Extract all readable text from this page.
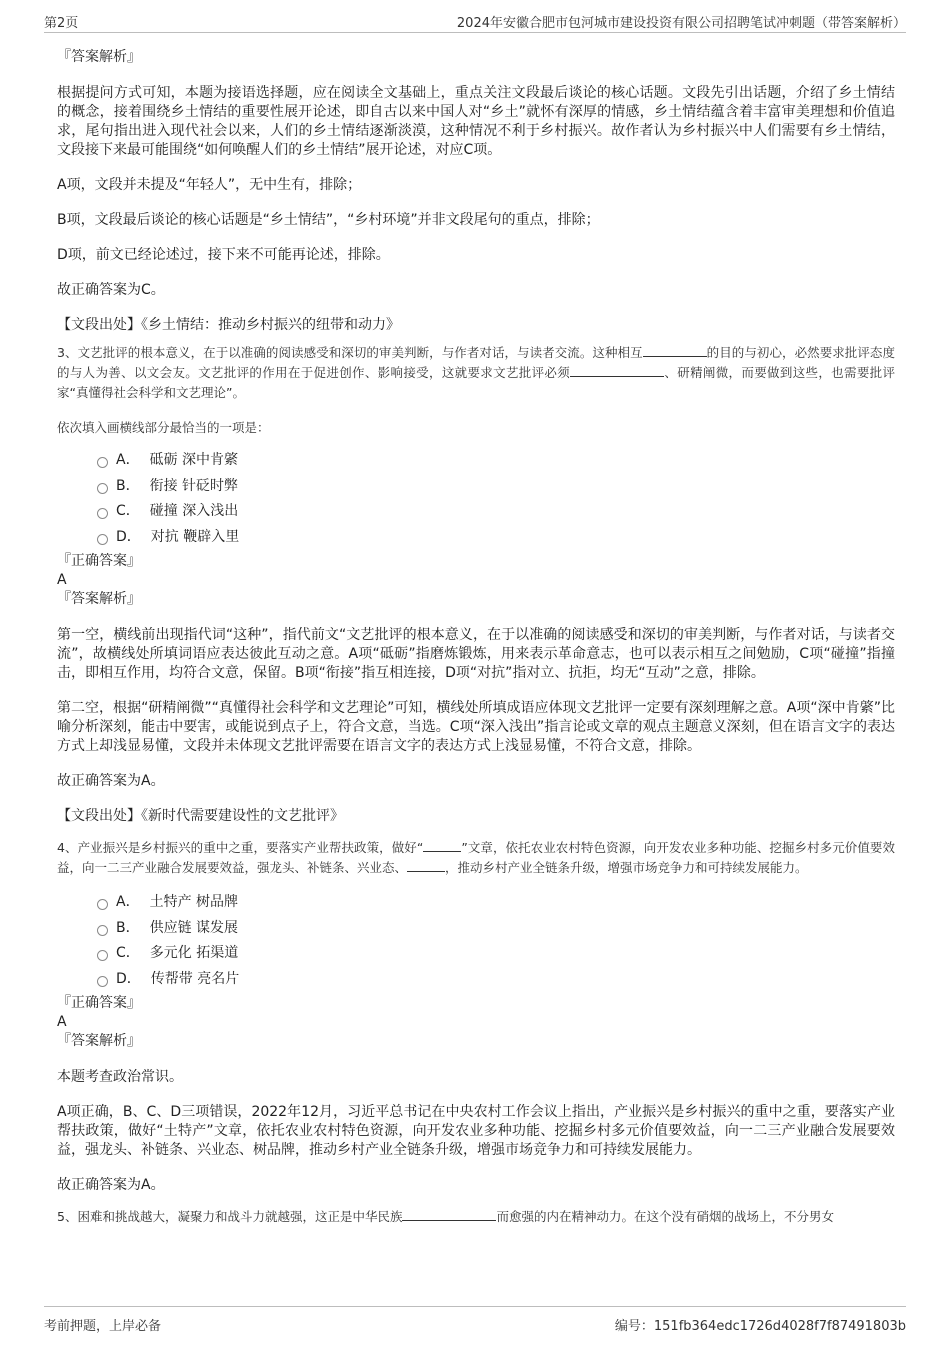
第2页	2024年安徽合肥市包河城市建设投资有限公司招聘笔试冲刺题（带答案解析）
『答案解析』

根据提问方式可知，本题为接语选择题，应在阅读全文基础上，重点关注文段最后谈论的核心话题。文段先引出话题，介绍了乡土情结的概念，接着围绕乡土情结的重要性展开论述，即自古以来中国人对“乡土”就怀有深厚的情感，乡土情结蕴含着丰富审美理想和价值追求，尾句指出进入现代社会以来，人们的乡土情结逐渐淡漠，这种情况不利于乡村振兴。故作者认为乡村振兴中人们需要有乡土情结，文段接下来最可能围绕“如何唤醒人们的乡土情结”展开论述，对应C项。

A项，文段并未提及“年轻人”，无中生有，排除；

B项，文段最后谈论的核心话题是“乡土情结”，“乡村环境”并非文段尾句的重点，排除；

D项，前文已经论述过，接下来不可能再论述，排除。

故正确答案为C。

【文段出处】《乡土情结：推动乡村振兴的纽带和动力》

3、文艺批评的根本意义，在于以准确的阅读感受和深切的审美判断，与作者对话，与读者交流。这种相互	的目的与初心，必然要求批评态度的与人为善、以文会友。文艺批评的作用在于促进创作、影响接受，这就要求文艺批评必须	、研精阐微，而要做到这些，也需要批评家“真懂得社会科学和文艺理论”。

依次填入画横线部分最恰当的一项是：

A． 砥砺 深中肯綮
B． 衔接 针砭时弊
C． 碰撞 深入浅出
D． 对抗 鞭辟入里
『正确答案』
A
『答案解析』

第一空，横线前出现指代词“这种”，指代前文“文艺批评的根本意义，在于以准确的阅读感受和深切的审美判断，与作者对话，与读者交流”，故横线处所填词语应表达彼此互动之意。A项“砥砺”指磨炼锻炼，用来表示革命意志，也可以表示相互之间勉励，C项“碰撞”指撞击，即相互作用，均符合文意，保留。B项“衔接”指互相连接，D项“对抗”指对立、抗拒，均无“互动”之意，排除。

第二空，根据“研精阐微”“真懂得社会科学和文艺理论”可知，横线处所填成语应体现文艺批评一定要有深刻理解之意。A项“深中肯綮”比喻分析深刻，能击中要害，或能说到点子上，符合文意，当选。C项“深入浅出”指言论或文章的观点主题意义深刻，但在语言文字的表达方式上却浅显易懂，文段并未体现文艺批评需要在语言文字的表达方式上浅显易懂，不符合文意，排除。

故正确答案为A。

【文段出处】《新时代需要建设性的文艺批评》

4、产业振兴是乡村振兴的重中之重，要落实产业帮扶政策，做好“	”文章，依托农业农村特色资源，向开发农业多种功能、挖掘乡村多元价值要效益，向一二三产业融合发展要效益，强龙头、补链条、兴业态、	，推动乡村产业全链条升级，增强市场竞争力和可持续发展能力。

A． 土特产 树品牌
B． 供应链 谋发展
C． 多元化 拓渠道
D． 传帮带 亮名片
『正确答案』
A
『答案解析』

本题考查政治常识。

A项正确，B、C、D三项错误，2022年12月，习近平总书记在中央农村工作会议上指出，产业振兴是乡村振兴的重中之重，要落实产业帮扶政策，做好“土特产”文章，依托农业农村特色资源，向开发农业多种功能、挖掘乡村多元价值要效益，向一二三产业融合发展要效益，强龙头、补链条、兴业态、树品牌，推动乡村产业全链条升级，增强市场竞争力和可持续发展能力。

故正确答案为A。

5、困难和挑战越大，凝聚力和战斗力就越强，这正是中华民族	而愈强的内在精神动力。在这个没有硝烟的战场上，不分男女

考前押题，上岸必备	编号：151fb364edc1726d4028f7f87491803b
